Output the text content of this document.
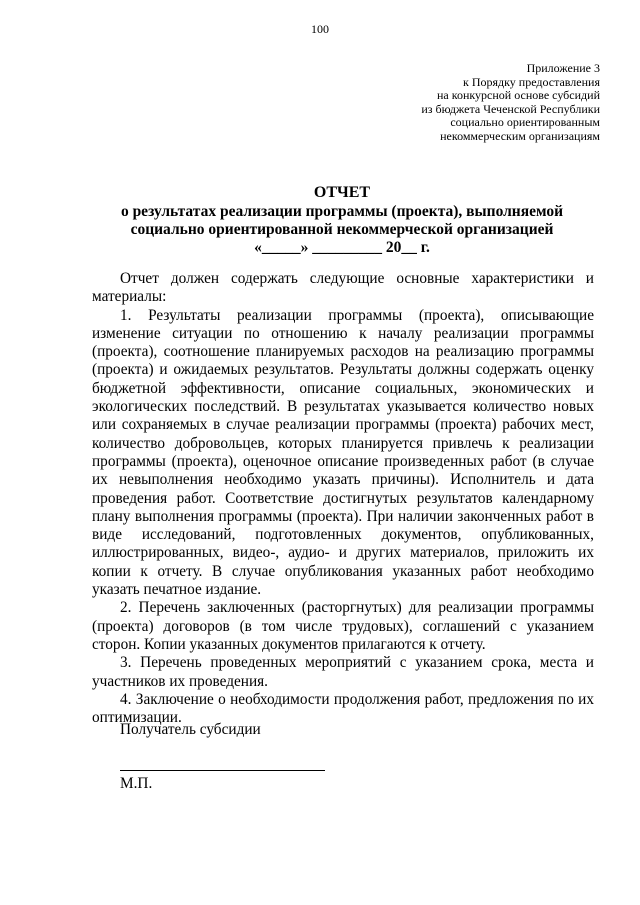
100
Приложение 3
к Порядку предоставления
на конкурсной основе субсидий
из бюджета Чеченской Республики
социально ориентированным
некоммерческим организациям
ОТЧЕТ
о результатах реализации программы (проекта), выполняемой
социально ориентированной некоммерческой организацией
«_____» _________ 20__ г.

Отчет должен содержать следующие основные характеристики и материалы:

1. Результаты реализации программы (проекта), описывающие изменение ситуации по отношению к началу реализации программы (проекта), соотношение планируемых расходов на реализацию программы (проекта) и ожидаемых результатов. Результаты должны содержать оценку бюджетной эффективности, описание социальных, экономических и экологических последствий. В результатах указывается количество новых или сохраняемых в случае реализации программы (проекта) рабочих мест, количество добровольцев, которых планируется привлечь к реализации программы (проекта), оценочное описание произведенных работ (в случае их невыполнения необходимо указать причины). Исполнитель и дата проведения работ. Соответствие достигнутых результатов календарному плану выполнения программы (проекта). При наличии законченных работ в виде исследований, подготовленных документов, опубликованных, иллюстрированных, видео-, аудио- и других материалов, приложить их копии к отчету. В случае опубликования указанных работ необходимо указать печатное издание.

2. Перечень заключенных (расторгнутых) для реализации программы (проекта) договоров (в том числе трудовых), соглашений с указанием сторон. Копии указанных документов прилагаются к отчету.

3. Перечень проведенных мероприятий с указанием срока, места и участников их проведения.

4. Заключение о необходимости продолжения работ, предложения по их оптимизации.

Получатель субсидии
М.П.
